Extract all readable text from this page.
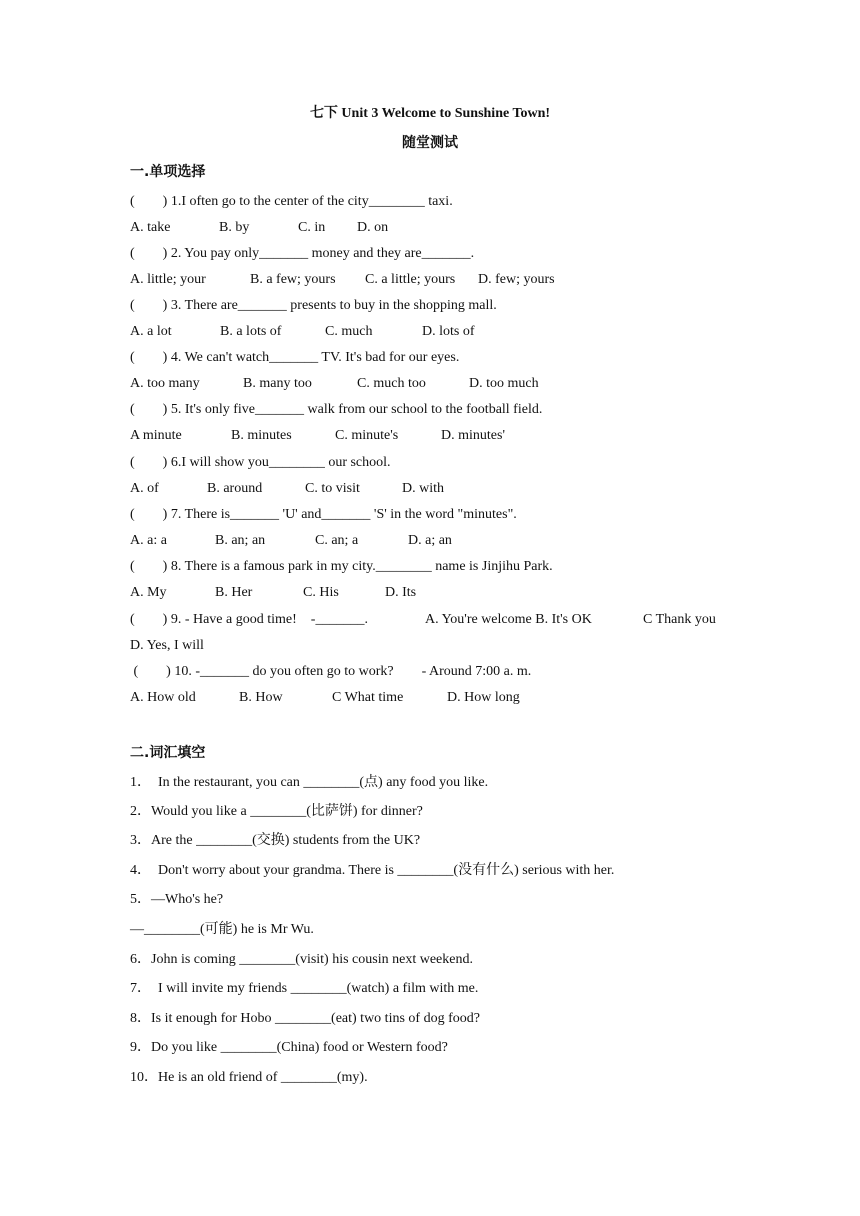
七下 Unit 3 Welcome to Sunshine Town!
随堂测试
一.单项选择
(        ) 1.I often go to the center of the city________ taxi.
A. take	B. by	C. in D. on
(        ) 2. You pay only_______ money and they are_______.
A. little; your	B. a few; yours C. a little; yours D. few; yours
(        ) 3. There are_______ presents to buy in the shopping mall.
A. a lot	B. a lots of	C. much	D. lots of
(        ) 4. We can't watch_______ TV. It's bad for our eyes.
A. too many	B. many too	C. much too	D. too much
(        ) 5. It's only five_______ walk from our school to the football field.
A minute	B. minutes	C. minute's	D. minutes'
(        ) 6.I will show you________ our school.
A. of	B. around	C. to visit	D. with
(        ) 7. There is_______ 'U' and_______ 'S' in the word "minutes".
A. a: a	B. an; an	C. an; a	D. a; an
(        ) 8. There is a famous park in my city.________ name is Jinjihu Park.
A. My	B. Her	C. His	D. Its
(        ) 9. - Have a good time!    -_______.	A. You're welcome B. It's OK	C Thank you
D. Yes, I will
(        ) 10. -_______ do you often go to work?        - Around 7:00 a. m.
A. How old	B. How	C What time	D. How long
二.词汇填空
1．  In the restaurant, you can ________(点) any food you like.
2．Would you like a ________(比萨饼) for dinner?
3．Are the ________(交换) students from the UK?
4．  Don't worry about your grandma. There is ________(没有什么) serious with her.
5．—Who's he?
—________(可能) he is Mr Wu.
6．John is coming ________(visit) his cousin next weekend.
7．  I will invite my friends ________(watch) a film with me.
8．Is it enough for Hobo ________(eat) two tins of dog food?
9．Do you like ________(China) food or Western food?
10．He is an old friend of ________(my).
